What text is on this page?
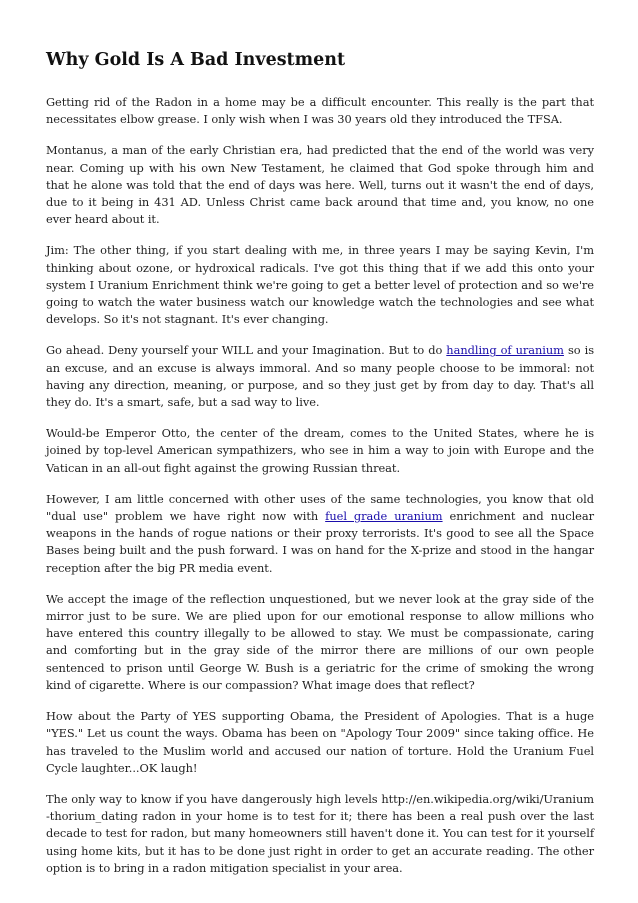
Why Gold Is A Bad Investment

Getting rid of the Radon in a home may be a difficult encounter. This really is the part that necessitates elbow grease. I only wish when I was 30 years old they introduced the TFSA.

Montanus, a man of the early Christian era, had predicted that the end of the world was very near. Coming up with his own New Testament, he claimed that God spoke through him and that he alone was told that the end of days was here. Well, turns out it wasn't the end of days, due to it being in 431 AD. Unless Christ came back around that time and, you know, no one ever heard about it.

Jim: The other thing, if you start dealing with me, in three years I may be saying Kevin, I'm thinking about ozone, or hydroxical radicals. I've got this thing that if we add this onto your system I Uranium Enrichment think we're going to get a better level of protection and so we're going to watch the water business watch our knowledge watch the technologies and see what develops. So it's not stagnant. It's ever changing.

Go ahead. Deny yourself your WILL and your Imagination. But to do handling of uranium so is an excuse, and an excuse is always immoral. And so many people choose to be immoral: not having any direction, meaning, or purpose, and so they just get by from day to day. That's all they do. It's a smart, safe, but a sad way to live.

Would-be Emperor Otto, the center of the dream, comes to the United States, where he is joined by top-level American sympathizers, who see in him a way to join with Europe and the Vatican in an all-out fight against the growing Russian threat.

However, I am little concerned with other uses of the same technologies, you know that old "dual use" problem we have right now with fuel grade uranium enrichment and nuclear weapons in the hands of rogue nations or their proxy terrorists. It's good to see all the Space Bases being built and the push forward. I was on hand for the X-prize and stood in the hangar reception after the big PR media event.

We accept the image of the reflection unquestioned, but we never look at the gray side of the mirror just to be sure. We are plied upon for our emotional response to allow millions who have entered this country illegally to be allowed to stay. We must be compassionate, caring and comforting but in the gray side of the mirror there are millions of our own people sentenced to prison until George W. Bush is a geriatric for the crime of smoking the wrong kind of cigarette. Where is our compassion? What image does that reflect?

How about the Party of YES supporting Obama, the President of Apologies. That is a huge "YES." Let us count the ways. Obama has been on "Apology Tour 2009" since taking office. He has traveled to the Muslim world and accused our nation of torture. Hold the Uranium Fuel Cycle laughter...OK laugh!

The only way to know if you have dangerously high levels http://en.wikipedia.org/wiki/Uranium-thorium_dating radon in your home is to test for it; there has been a real push over the last decade to test for radon, but many homeowners still haven't done it. You can test for it yourself using home kits, but it has to be done just right in order to get an accurate reading. The other option is to bring in a radon mitigation specialist in your area.
